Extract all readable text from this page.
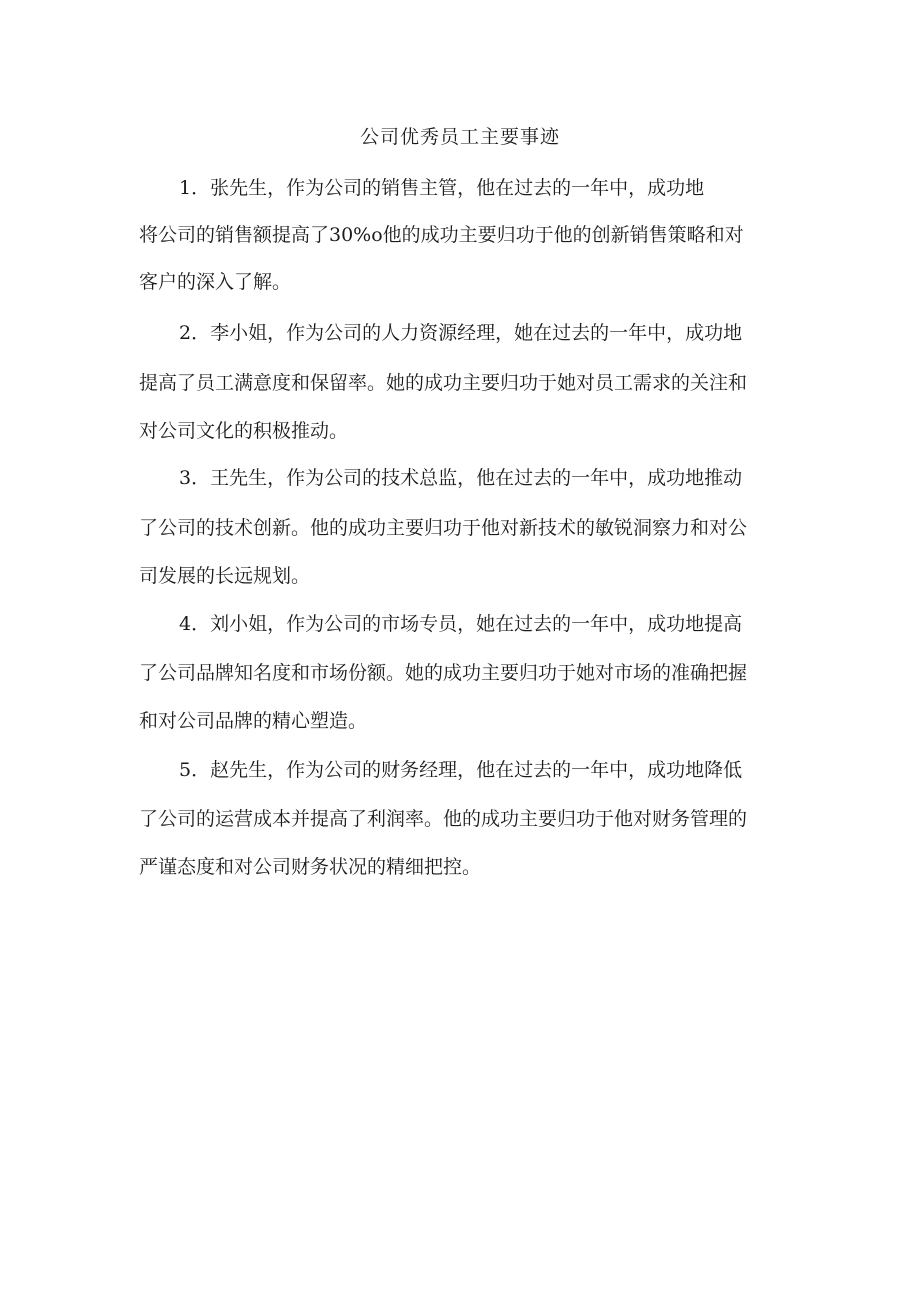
公司优秀员工主要事迹
1．张先生，作为公司的销售主管，他在过去的一年中，成功地
将公司的销售额提高了30%o他的成功主要归功于他的创新销售策略和对
客户的深入了解。
2．李小姐，作为公司的人力资源经理，她在过去的一年中，成功地
提高了员工满意度和保留率。她的成功主要归功于她对员工需求的关注和
对公司文化的积极推动。
3．王先生，作为公司的技术总监，他在过去的一年中，成功地推动
了公司的技术创新。他的成功主要归功于他对新技术的敏锐洞察力和对公
司发展的长远规划。
4．刘小姐，作为公司的市场专员，她在过去的一年中，成功地提高
了公司品牌知名度和市场份额。她的成功主要归功于她对市场的准确把握
和对公司品牌的精心塑造。
5．赵先生，作为公司的财务经理，他在过去的一年中，成功地降低
了公司的运营成本并提高了利润率。他的成功主要归功于他对财务管理的
严谨态度和对公司财务状况的精细把控。
